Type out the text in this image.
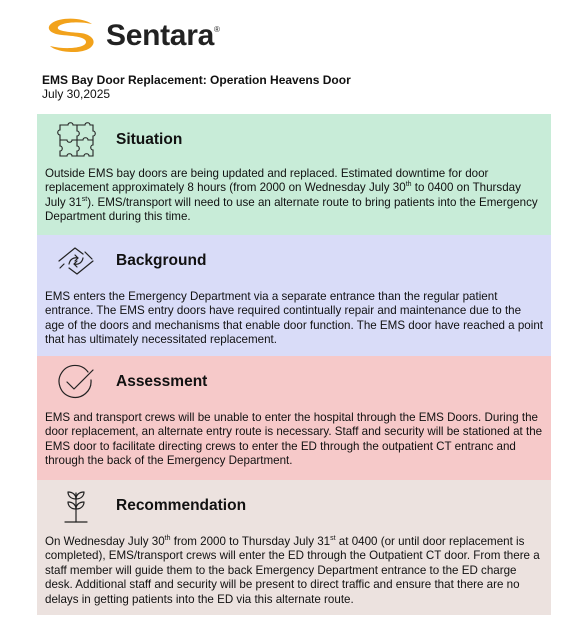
Sentara®
EMS Bay Door Replacement: Operation Heavens Door
July 30,2025
Situation

Outside EMS bay doors are being updated and replaced. Estimated downtime for door replacement approximately 8 hours (from 2000 on Wednesday July 30th to 0400 on Thursday July 31st). EMS/transport will need to use an alternate route to bring patients into the Emergency Department during this time.

Background

EMS enters the Emergency Department via a separate entrance than the regular patient entrance. The EMS entry doors have required contintually repair and maintenance due to the age of the doors and mechanisms that enable door function. The EMS door have reached a point that has ultimately necessitated replacement.

Assessment

EMS and transport crews will be unable to enter the hospital through the EMS Doors. During the door replacement, an alternate entry route is necessary. Staff and security will be stationed at the EMS door to facilitate directing crews to enter the ED through the outpatient CT entranc and through the back of the Emergency Department.

Recommendation

On Wednesday July 30th from 2000 to Thursday July 31st at 0400 (or until door replacement is completed), EMS/transport crews will enter the ED through the Outpatient CT door. From there a staff member will guide them to the back Emergency Department entrance to the ED charge desk. Additional staff and security will be present to direct traffic and ensure that there are no delays in getting patients into the ED via this alternate route.
